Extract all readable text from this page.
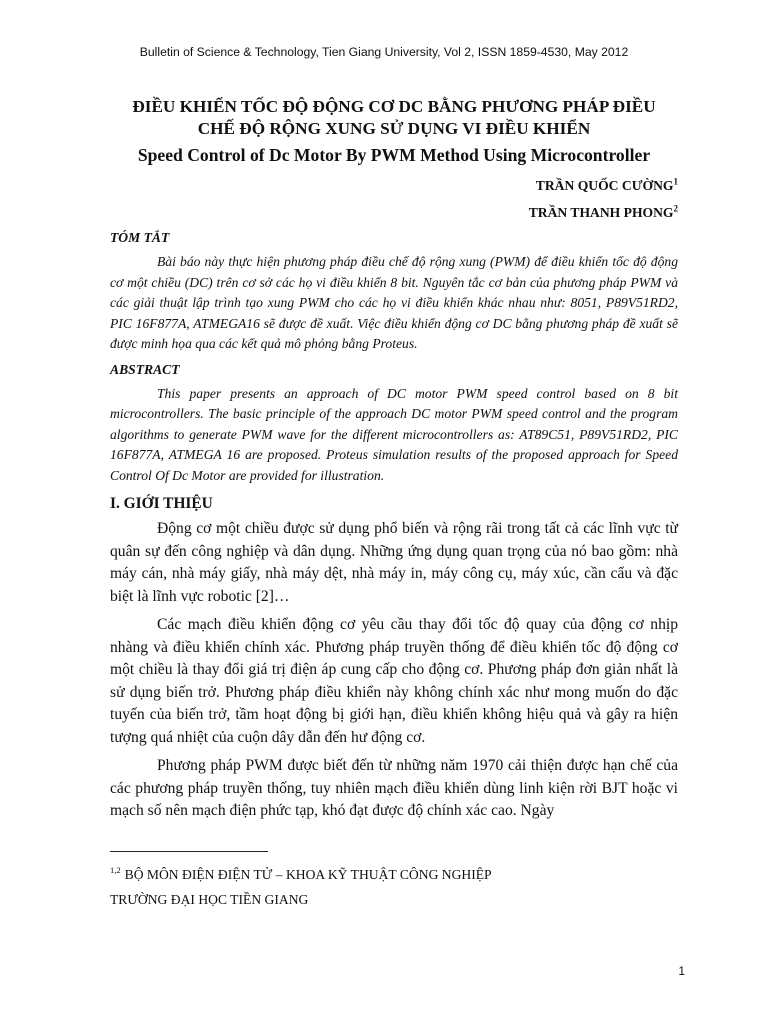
Bulletin of Science & Technology, Tien Giang University, Vol 2, ISSN 1859-4530, May 2012
ĐIỀU KHIỂN TỐC ĐỘ ĐỘNG CƠ DC BẰNG PHƯƠNG PHÁP ĐIỀU
CHẾ ĐỘ RỘNG XUNG SỬ DỤNG VI ĐIỀU KHIỂN
Speed Control of Dc Motor By PWM Method Using Microcontroller
TRẦN QUỐC CƯỜNG$^1$
TRẦN THANH PHONG$^2$
TÓM TẮT

Bài báo này thực hiện phương pháp điều chế độ rộng xung (PWM) để điều khiển tốc độ động cơ một chiều (DC) trên cơ sở các họ vi điều khiển 8 bit. Nguyên tắc cơ bản của phương pháp PWM và các giải thuật lập trình tạo xung PWM cho các họ vi điều khiển khác nhau như: 8051, P89V51RD2, PIC 16F877A, ATMEGA16 sẽ được đề xuất. Việc điều khiển động cơ DC bằng phương pháp đề xuất sẽ được minh họa qua các kết quả mô phỏng bằng Proteus.

ABSTRACT

This paper presents an approach of DC motor PWM speed control based on 8 bit microcontrollers. The basic principle of the approach DC motor PWM speed control and the program algorithms to generate PWM wave for the different microcontrollers as: AT89C51, P89V51RD2, PIC 16F877A, ATMEGA 16 are proposed. Proteus simulation results of the proposed approach for Speed Control Of Dc Motor are provided for illustration.

I. GIỚI THIỆU

Động cơ một chiều được sử dụng phổ biến và rộng rãi trong tất cả các lĩnh vực từ quân sự đến công nghiệp và dân dụng. Những ứng dụng quan trọng của nó bao gồm: nhà máy cán, nhà máy giấy, nhà máy dệt, nhà máy in, máy công cụ, máy xúc, cần cẩu và đặc biệt là lĩnh vực robotic [2]…

Các mạch điều khiển động cơ yêu cầu thay đổi tốc độ quay của động cơ nhịp nhàng và điều khiển chính xác. Phương pháp truyền thống để điều khiển tốc độ động cơ một chiều là thay đổi giá trị điện áp cung cấp cho động cơ. Phương pháp đơn giản nhất là sử dụng biến trở. Phương pháp điều khiển này không chính xác như mong muốn do đặc tuyến của biến trở, tầm hoạt động bị giới hạn, điều khiển không hiệu quả và gây ra hiện tượng quá nhiệt của cuộn dây dẫn đến hư động cơ.

Phương pháp PWM được biết đến từ những năm 1970 cải thiện được hạn chế của các phương pháp truyền thống, tuy nhiên mạch điều khiển dùng linh kiện rời BJT hoặc vi mạch số nên mạch điện phức tạp, khó đạt được độ chính xác cao. Ngày

$^{1,2}$ BỘ MÔN ĐIỆN ĐIỆN TỬ – KHOA KỸ THUẬT CÔNG NGHIỆP
TRƯỜNG ĐẠI HỌC TIỀN GIANG
1
